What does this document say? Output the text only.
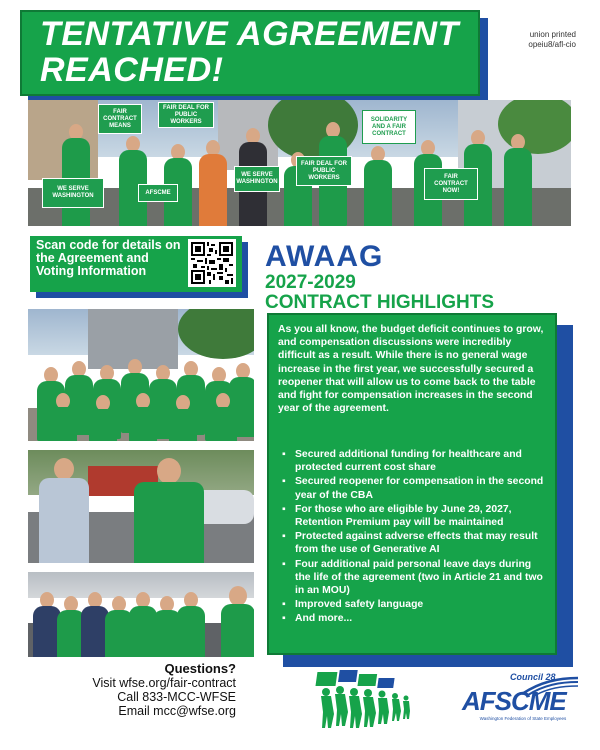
TENTATIVE AGREEMENT
REACHED!
union printed
opeiu8/afl-cio
FAIR CONTRACT MEANS
FAIR DEAL FOR PUBLIC WORKERS
WE SERVE WASHINGTON
WE SERVE WASHINGTON
FAIR DEAL FOR PUBLIC WORKERS
SOLIDARITY AND A FAIR CONTRACT
FAIR CONTRACT NOW!
AFSCME
Scan code for details on the Agreement and Voting Information	AWAAG
2027-2029
CONTRACT HIGHLIGHTS
As you all know, the budget deficit continues to grow, and compensation discussions were incredibly difficult as a result. While there is no general wage increase in the first year, we successfully secured a reopener that will allow us to come back to the table and fight for compensation increases in the second year of the agreement.
▪ Secured additional funding for healthcare and protected current cost share
▪ Secured reopener for compensation in the second year of the CBA
▪ For those who are eligible by June 29, 2027, Retention Premium pay will be maintained
▪ Protected against adverse effects that may result from the use of Generative AI
▪ Four additional paid personal leave days during the life of the agreement (two in Article 21 and two in an MOU)
▪ Improved safety language
▪ And more...
Questions?
Visit wfse.org/fair-contract
Call 833-MCC-WFSE
Email mcc@wfse.org
Council 28
AFSCME
Washington Federation of State Employees
